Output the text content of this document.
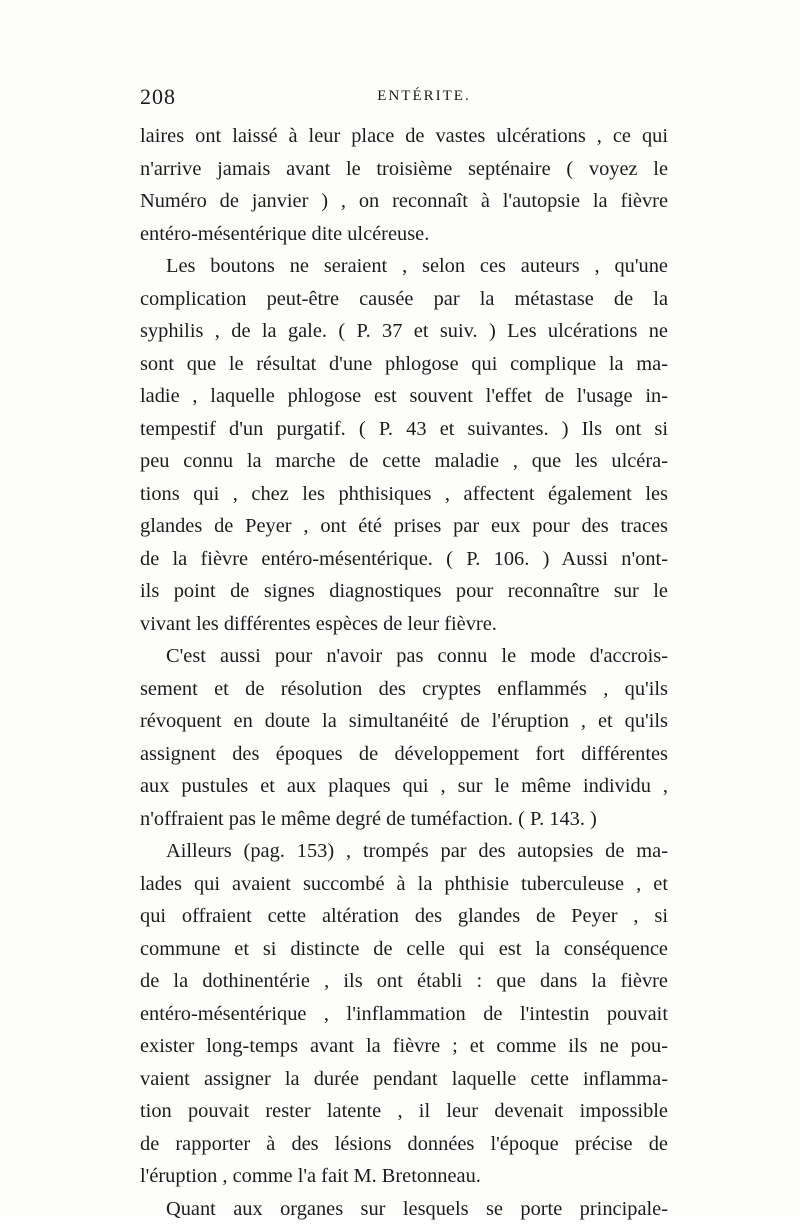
208	ENTÉRITE.
laires ont laissé à leur place de vastes ulcérations , ce qui
n'arrive jamais avant le troisième septénaire ( voyez le
Numéro de janvier ) , on reconnaît à l'autopsie la fièvre
entéro-mésentérique dite ulcéreuse.
Les boutons ne seraient , selon ces auteurs , qu'une
complication peut-être causée par la métastase de la
syphilis , de la gale. ( P. 37 et suiv. ) Les ulcérations ne
sont que le résultat d'une phlogose qui complique la ma-
ladie , laquelle phlogose est souvent l'effet de l'usage in-
tempestif d'un purgatif. ( P. 43 et suivantes. ) Ils ont si
peu connu la marche de cette maladie , que les ulcéra-
tions qui , chez les phthisiques , affectent également les
glandes de Peyer , ont été prises par eux pour des traces
de la fièvre entéro-mésentérique. ( P. 106. ) Aussi n'ont-
ils point de signes diagnostiques pour reconnaître sur le
vivant les différentes espèces de leur fièvre.
C'est aussi pour n'avoir pas connu le mode d'accrois-
sement et de résolution des cryptes enflammés , qu'ils
révoquent en doute la simultanéité de l'éruption , et qu'ils
assignent des époques de développement fort différentes
aux pustules et aux plaques qui , sur le même individu ,
n'offraient pas le même degré de tuméfaction. ( P. 143. )
Ailleurs (pag. 153) , trompés par des autopsies de ma-
lades qui avaient succombé à la phthisie tuberculeuse , et
qui offraient cette altération des glandes de Peyer , si
commune et si distincte de celle qui est la conséquence
de la dothinentérie , ils ont établi : que dans la fièvre
entéro-mésentérique , l'inflammation de l'intestin pouvait
exister long-temps avant la fièvre ; et comme ils ne pou-
vaient assigner la durée pendant laquelle cette inflamma-
tion pouvait rester latente , il leur devenait impossible
de rapporter à des lésions données l'époque précise de
l'éruption , comme l'a fait M. Bretonneau.
Quant aux organes sur lesquels se porte principale-
